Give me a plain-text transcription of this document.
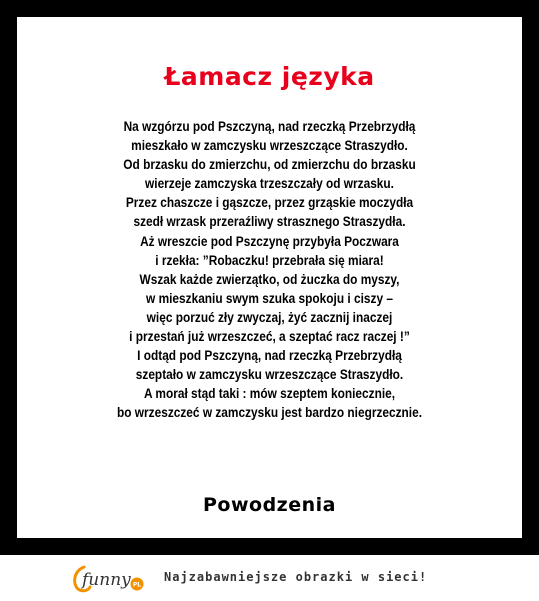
Łamacz języka
Na wzgórzu pod Pszczyną, nad rzeczką Przebrzydłą
mieszkało w zamczysku wrzeszczące Straszydło.
Od brzasku do zmierzchu, od zmierzchu do brzasku
wierzeje zamczyska trzeszczały od wrzasku.
Przez chaszcze i gąszcze, przez grząskie moczydła
szedł wrzask przeraźliwy strasznego Straszydła.
Aż wreszcie pod Pszczynę przybyła Poczwara
i rzekła: ”Robaczku! przebrała się miara!
Wszak każde zwierzątko, od żuczka do myszy,
w mieszkaniu swym szuka spokoju i ciszy –
więc porzuć zły zwyczaj, żyć zacznij inaczej
i przestań już wrzeszczeć, a szeptać racz raczej !”
I odtąd pod Pszczyną, nad rzeczką Przebrzydłą
szeptało w zamczysku wrzeszczące Straszydło.
A morał stąd taki : mów szeptem koniecznie,
bo wrzeszczeć w zamczysku jest bardzo niegrzecznie.
Powodzenia
funny PL
Najzabawniejsze obrazki w sieci!
